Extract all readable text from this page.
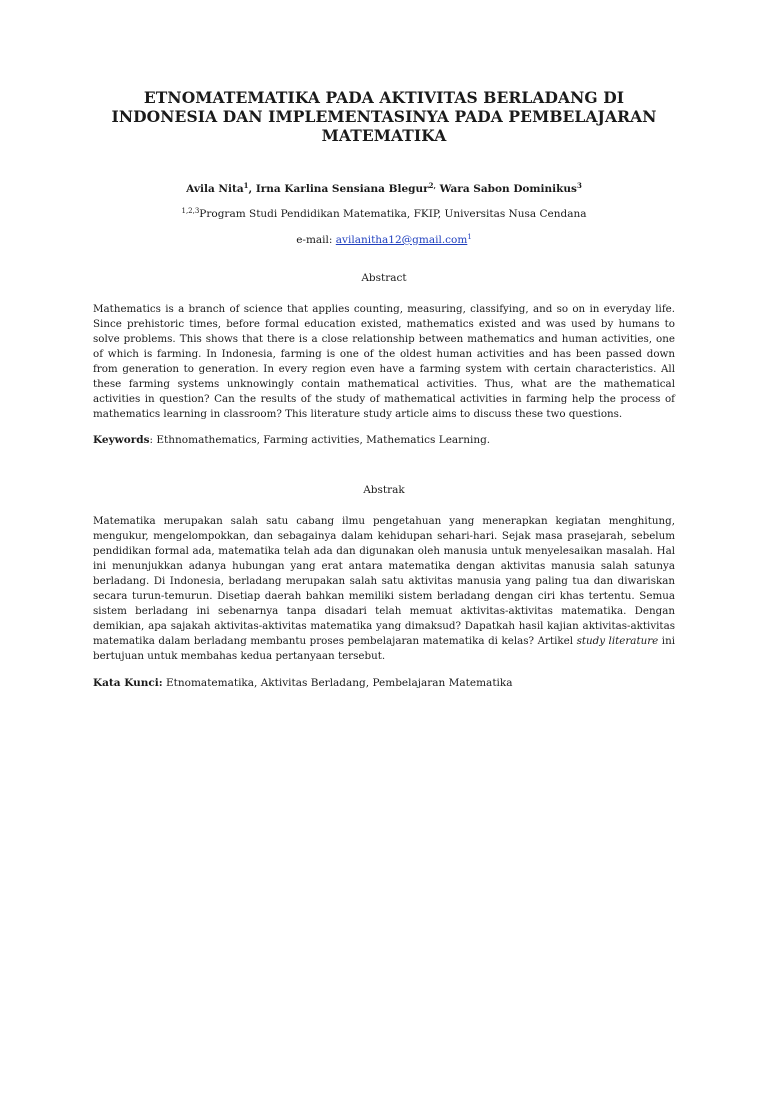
ETNOMATEMATIKA PADA AKTIVITAS BERLADANG DI
INDONESIA DAN IMPLEMENTASINYA PADA PEMBELAJARAN
MATEMATIKA
Avila Nita$^1$, Irna Karlina Sensiana Blegur$^{2,}$ Wara Sabon Dominikus$^3$
$^{1,2,3}$Program Studi Pendidikan Matematika, FKIP, Universitas Nusa Cendana
e-mail: avilanitha12@gmail.com$^1$
Abstract
Mathematics is a branch of science that applies counting, measuring, classifying, and so on in everyday life. Since prehistoric times, before formal education existed, mathematics existed and was used by humans to solve problems. This shows that there is a close relationship between mathematics and human activities, one of which is farming. In Indonesia, farming is one of the oldest human activities and has been passed down from generation to generation. In every region even have a farming system with certain characteristics. All these farming systems unknowingly contain mathematical activities. Thus, what are the mathematical activities in question? Can the results of the study of mathematical activities in farming help the process of mathematics learning in classroom? This literature study article aims to discuss these two questions.
Keywords: Ethnomathematics, Farming activities, Mathematics Learning.
Abstrak
Matematika merupakan salah satu cabang ilmu pengetahuan yang menerapkan kegiatan menghitung, mengukur, mengelompokkan, dan sebagainya dalam kehidupan sehari-hari. Sejak masa prasejarah, sebelum pendidikan formal ada, matematika telah ada dan digunakan oleh manusia untuk menyelesaikan masalah. Hal ini menunjukkan adanya hubungan yang erat antara matematika dengan aktivitas manusia salah satunya berladang. Di Indonesia, berladang merupakan salah satu aktivitas manusia yang paling tua dan diwariskan secara turun-temurun. Disetiap daerah bahkan memiliki sistem berladang dengan ciri khas tertentu. Semua sistem berladang ini sebenarnya tanpa disadari telah memuat aktivitas-aktivitas matematika. Dengan demikian, apa sajakah aktivitas-aktivitas matematika yang dimaksud? Dapatkah hasil kajian aktivitas-aktivitas matematika dalam berladang membantu proses pembelajaran matematika di kelas? Artikel study literature ini bertujuan untuk membahas kedua pertanyaan tersebut.
Kata Kunci: Etnomatematika, Aktivitas Berladang, Pembelajaran Matematika
